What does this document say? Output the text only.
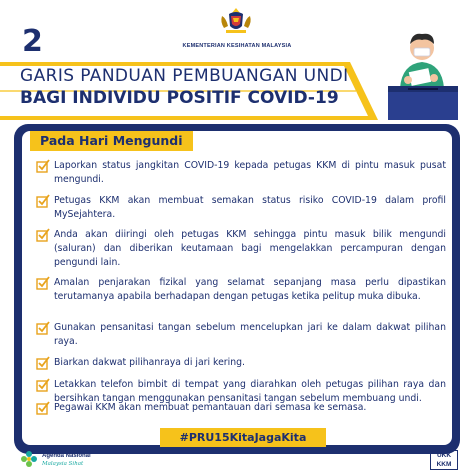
2	KEMENTERIAN KESIHATAN MALAYSIA
GARIS PANDUAN PEMBUANGAN UNDI
BAGI INDIVIDU POSITIF COVID-19
Pada Hari Mengundi
Laporkan status jangkitan COVID-19 kepada petugas KKM di pintu masuk pusat mengundi.
Petugas KKM akan membuat semakan status risiko COVID-19 dalam profil MySejahtera.
Anda akan diiringi oleh petugas KKM sehingga pintu masuk bilik mengundi (saluran) dan diberikan keutamaan bagi mengelakkan percampuran dengan pengundi lain.
Amalan penjarakan fizikal yang selamat sepanjang masa perlu dipastikan terutamanya apabila berhadapan dengan petugas ketika pelitup muka dibuka.
Gunakan pensanitasi tangan sebelum mencelupkan jari ke dalam dakwat pilihan raya.
Biarkan dakwat pilihanraya di jari kering.
Letakkan telefon bimbit di tempat yang diarahkan oleh petugas pilihan raya dan bersihkan tangan menggunakan pensanitasi tangan sebelum membuang undi.
Pegawai KKM akan membuat pemantauan dari semasa ke semasa.
#PRU15KitaJagaKita
Agenda Nasional
Malaysia Sihat
UKK
KKM
